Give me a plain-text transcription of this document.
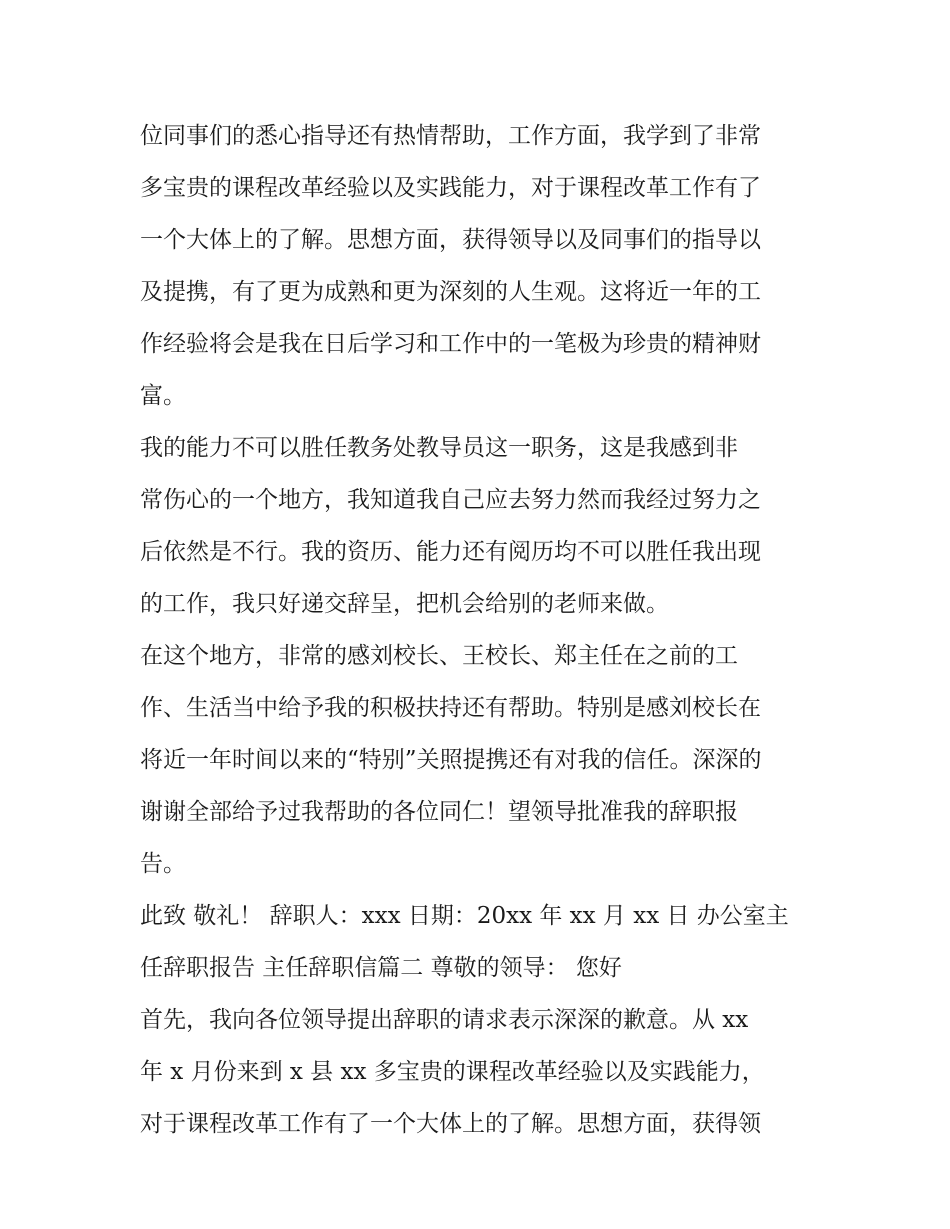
位同事们的悉心指导还有热情帮助，工作方面，我学到了非常
多宝贵的课程改革经验以及实践能力，对于课程改革工作有了
一个大体上的了解。思想方面，获得领导以及同事们的指导以
及提携，有了更为成熟和更为深刻的人生观。这将近一年的工
作经验将会是我在日后学习和工作中的一笔极为珍贵的精神财
富。
我的能力不可以胜任教务处教导员这一职务，这是我感到非
常伤心的一个地方，我知道我自己应去努力然而我经过努力之
后依然是不行。我的资历、能力还有阅历均不可以胜任我出现
的工作，我只好递交辞呈，把机会给别的老师来做。
在这个地方，非常的感刘校长、王校长、郑主任在之前的工
作、生活当中给予我的积极扶持还有帮助。特别是感刘校长在
将近一年时间以来的“特别”关照提携还有对我的信任。深深的
谢谢全部给予过我帮助的各位同仁！望领导批准我的辞职报
告。
此致 敬礼！ 辞职人：xxx 日期：20xx 年 xx 月 xx 日 办公室主
任辞职报告 主任辞职信篇二 尊敬的领导： 您好
首先，我向各位领导提出辞职的请求表示深深的歉意。从 xx
年 x 月份来到 x 县 xx 多宝贵的课程改革经验以及实践能力，
对于课程改革工作有了一个大体上的了解。思想方面，获得领
